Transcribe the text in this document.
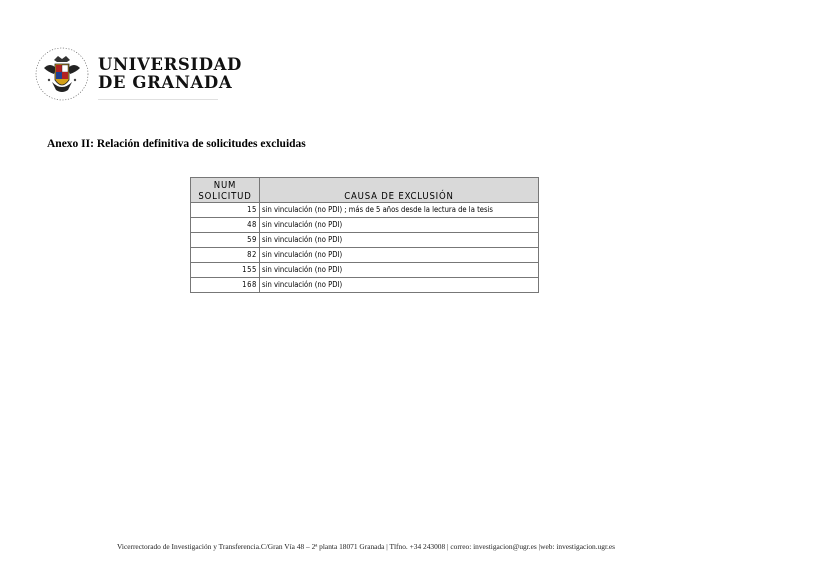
UNIVERSIDAD
DE GRANADA
Anexo II: Relación definitiva de solicitudes excluidas
NUM
SOLICITUD	CAUSA DE EXCLUSIÓN
15	sin vinculación (no PDI) ; más de 5 años desde la lectura de la tesis
48	sin vinculación (no PDI)
59	sin vinculación (no PDI)
82	sin vinculación (no PDI)
155	sin vinculación (no PDI)
168	sin vinculación (no PDI)
Vicerrectorado de Investigación y Transferencia.C/Gran Vía 48 – 2ª planta 18071 Granada | Tlfno. +34 243008 | correo: investigacion@ugr.es |web: investigacion.ugr.es
